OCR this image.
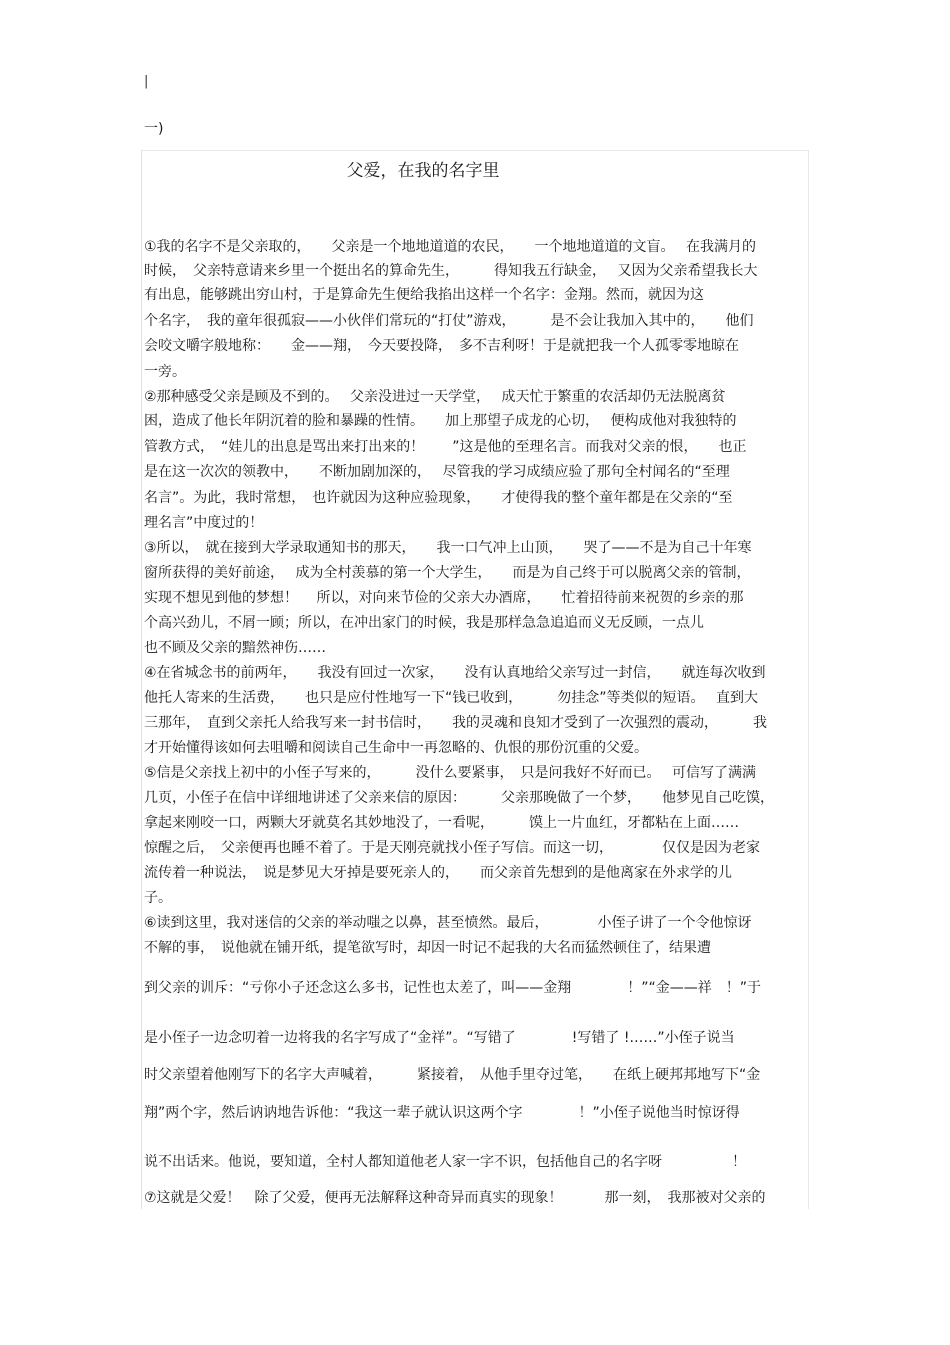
|
一)
父爱，在我的名字里
①我的名字不是父亲取的，　　父亲是一个地地道道的农民，　　一个地地道道的文盲。　 在我满月的
时候，　父亲特意请来乡里一个挺出名的算命先生，　　　得知我五行缺金，　 又因为父亲希望我长大
有出息，能够跳出穷山村，于是算命先生便给我掐出这样一个名字：金翔。然而，就因为这
个名字，　我的童年很孤寂——小伙伴们常玩的“打仗”游戏，　　　是不会让我加入其中的，　　他们
会咬文嚼字般地称：　　金——翔，　今天要投降，　多不吉利呀！于是就把我一个人孤零零地晾在
一旁。
②那种感受父亲是顾及不到的。　 父亲没进过一天学堂，　 成天忙于繁重的农活却仍无法脱离贫
困，造成了他长年阴沉着的脸和暴躁的性情。　　加上那望子成龙的心切，　 便构成他对我独特的
管教方式，　“娃儿的出息是骂出来打出来的！　　”这是他的至理名言。而我对父亲的恨，　　也正
是在这一次次的领教中，　　不断加剧加深的，　 尽管我的学习成绩应验了那句全村闻名的“至理
名言”。为此，我时常想，　也许就因为这种应验现象，　　才使得我的整个童年都是在父亲的“至
理名言”中度过的！
③所以，　就在接到大学录取通知书的那天，　　我一口气冲上山顶，　　哭了——不是为自己十年寒
窗所获得的美好前途，　 成为全村羡慕的第一个大学生，　　而是为自己终于可以脱离父亲的管制，
实现不想见到他的梦想！　 所以，对向来节俭的父亲大办酒席，　　忙着招待前来祝贺的乡亲的那
个高兴劲儿，不屑一顾；所以，在冲出家门的时候，我是那样急急追追而义无反顾，一点儿
也不顾及父亲的黯然神伤……
④在省城念书的前两年，　　我没有回过一次家，　　没有认真地给父亲写过一封信，　　就连每次收到
他托人寄来的生活费，　　也只是应付性地写一下“钱已收到，　　　勿挂念”等类似的短语。　 直到大
三那年，　直到父亲托人给我写来一封书信时，　　我的灵魂和良知才受到了一次强烈的震动，　　　我
才开始懂得该如何去咀嚼和阅读自己生命中一再忽略的、仇恨的那份沉重的父爱。
⑤信是父亲找上初中的小侄子写来的，　　　没什么要紧事，　只是问我好不好而已。　 可信写了满满
几页，小侄子在信中详细地讲述了父亲来信的原因：　　　父亲那晚做了一个梦，　　他梦见自己吃馍，
拿起来刚咬一口，两颗大牙就莫名其妙地没了，一看呢，　　　馍上一片血红，牙都粘在上面……
惊醒之后，　父亲便再也睡不着了。于是天刚亮就找小侄子写信。而这一切，　　　　仅仅是因为老家
流传着一种说法，　说是梦见大牙掉是要死亲人的，　　而父亲首先想到的是他离家在外求学的儿
子。
⑥读到这里，我对迷信的父亲的举动嗤之以鼻，甚至愤然。最后，　　　　小侄子讲了一个令他惊讶
不解的事，　说他就在铺开纸，提笔欲写时，却因一时记不起我的大名而猛然顿住了，结果遭
到父亲的训斥：“亏你小子还念这么多书，记性也太差了，叫——金翔　　　　！”“金——祥　！”于
是小侄子一边念叨着一边将我的名字写成了“金祥”。“写错了　　　　!写错了 !……”小侄子说当
时父亲望着他刚写下的名字大声喊着，　　　紧接着，　从他手里夺过笔，　　在纸上硬邦邦地写下“金
翔”两个字，然后讷讷地告诉他：“我这一辈子就认识这两个字　　　　！”小侄子说他当时惊讶得
说不出话来。他说，要知道，全村人都知道他老人家一字不识，包括他自己的名字呀　　　　　！
⑦这就是父爱！　除了父爱，便再无法解释这种奇异而真实的现象！　　　那一刻，　我那被对父亲的
